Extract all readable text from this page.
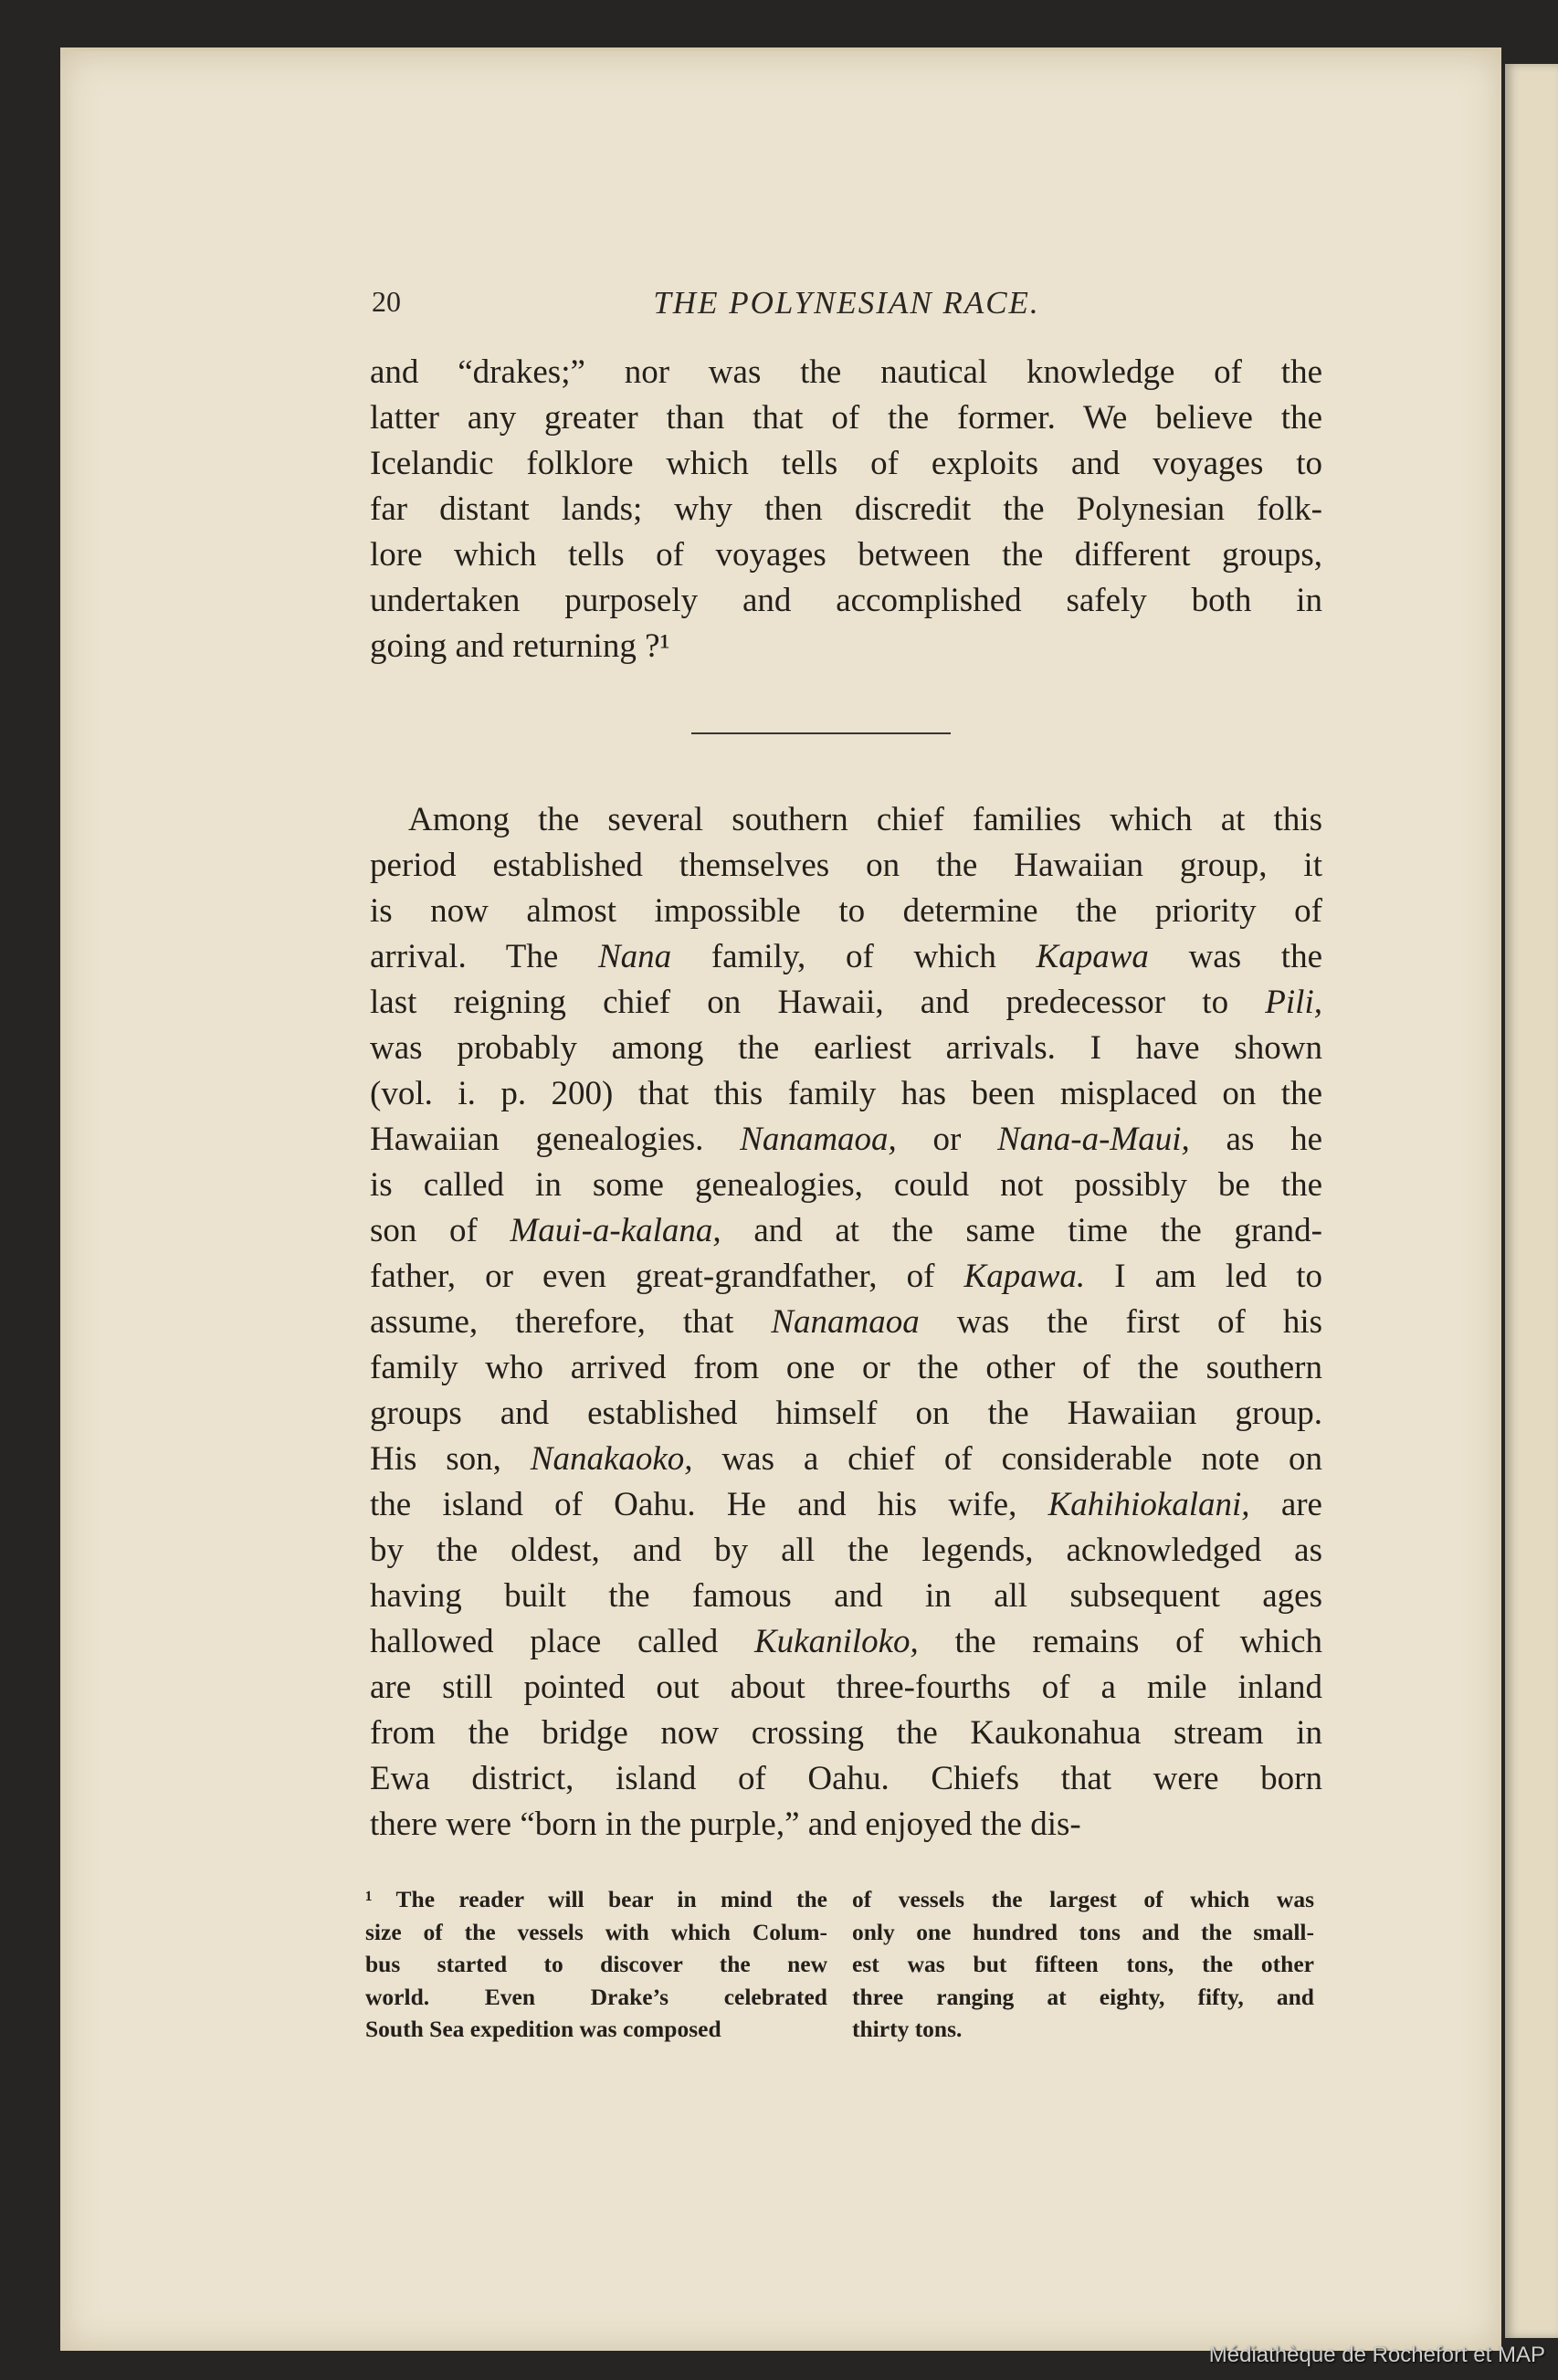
20	THE POLYNESIAN RACE.
and “drakes;” nor was the nautical knowledge of the
latter any greater than that of the former. We believe the
Icelandic folklore which tells of exploits and voyages to
far distant lands; why then discredit the Polynesian folk-
lore which tells of voyages between the different groups,
undertaken purposely and accomplished safely both in
going and returning ?¹
Among the several southern chief families which at this
period established themselves on the Hawaiian group, it
is now almost impossible to determine the priority of
arrival. The Nana family, of which Kapawa was the
last reigning chief on Hawaii, and predecessor to Pili,
was probably among the earliest arrivals. I have shown
(vol. i. p. 200) that this family has been misplaced on the
Hawaiian genealogies. Nanamaoa, or Nana-a-Maui, as he
is called in some genealogies, could not possibly be the
son of Maui-a-kalana, and at the same time the grand-
father, or even great-grandfather, of Kapawa. I am led to
assume, therefore, that Nanamaoa was the first of his
family who arrived from one or the other of the southern
groups and established himself on the Hawaiian group.
His son, Nanakaoko, was a chief of considerable note on
the island of Oahu. He and his wife, Kahihiokalani, are
by the oldest, and by all the legends, acknowledged as
having built the famous and in all subsequent ages
hallowed place called Kukaniloko, the remains of which
are still pointed out about three-fourths of a mile inland
from the bridge now crossing the Kaukonahua stream in
Ewa district, island of Oahu. Chiefs that were born
there were “born in the purple,” and enjoyed the dis-
¹ The reader will bear in mind the
size of the vessels with which Colum-
bus started to discover the new
world. Even Drake’s celebrated
South Sea expedition was composed
of vessels the largest of which was
only one hundred tons and the small-
est was but fifteen tons, the other
three ranging at eighty, fifty, and
thirty tons.
Médiathèque de Rochefort et MAP
